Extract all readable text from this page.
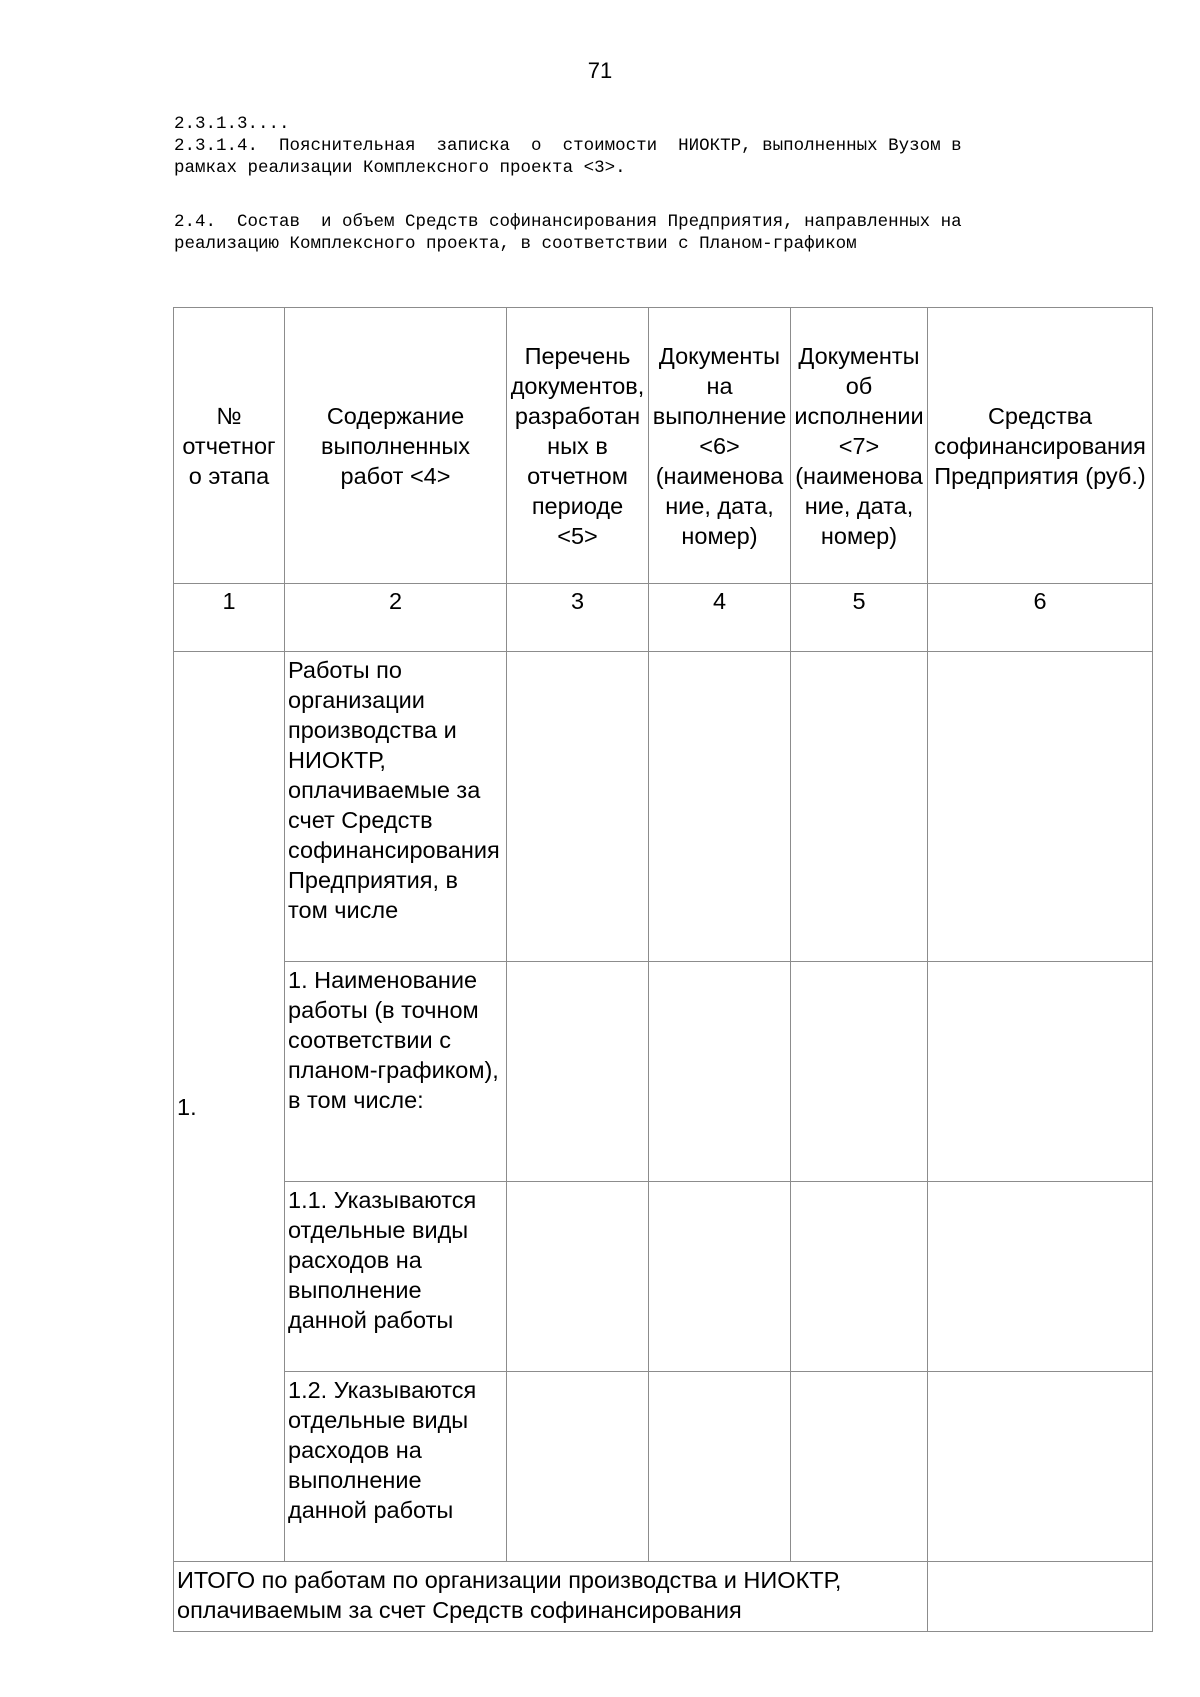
71
2.3.1.3....
2.3.1.4.  Пояснительная  записка  о  стоимости  НИОКТР, выполненных Вузом в
рамках реализации Комплексного проекта <3>.
2.4.  Состав  и объем Средств софинансирования Предприятия, направленных на
реализацию Комплексного проекта, в соответствии с Планом-графиком
№ отчетного этапа	Содержание выполненных работ <4>	Перечень документов, разработанных в отчетном периоде <5>	Документы на выполнение <6> (наименование, дата, номер)	Документы об исполнении <7> (наименование, дата, номер)	Средства софинансирования Предприятия (руб.)
1	2	3	4	5	6
1.	Работы по организации производства и НИОКТР, оплачиваемые за счет Средств софинансирования Предприятия, в том числе				
	1. Наименование работы (в точном соответствии с планом-графиком), в том числе:				
	1.1. Указываются отдельные виды расходов на выполнение данной работы				
	1.2. Указываются отдельные виды расходов на выполнение данной работы				
ИТОГО по работам по организации производства и НИОКТР, оплачиваемым за счет Средств софинансирования					
